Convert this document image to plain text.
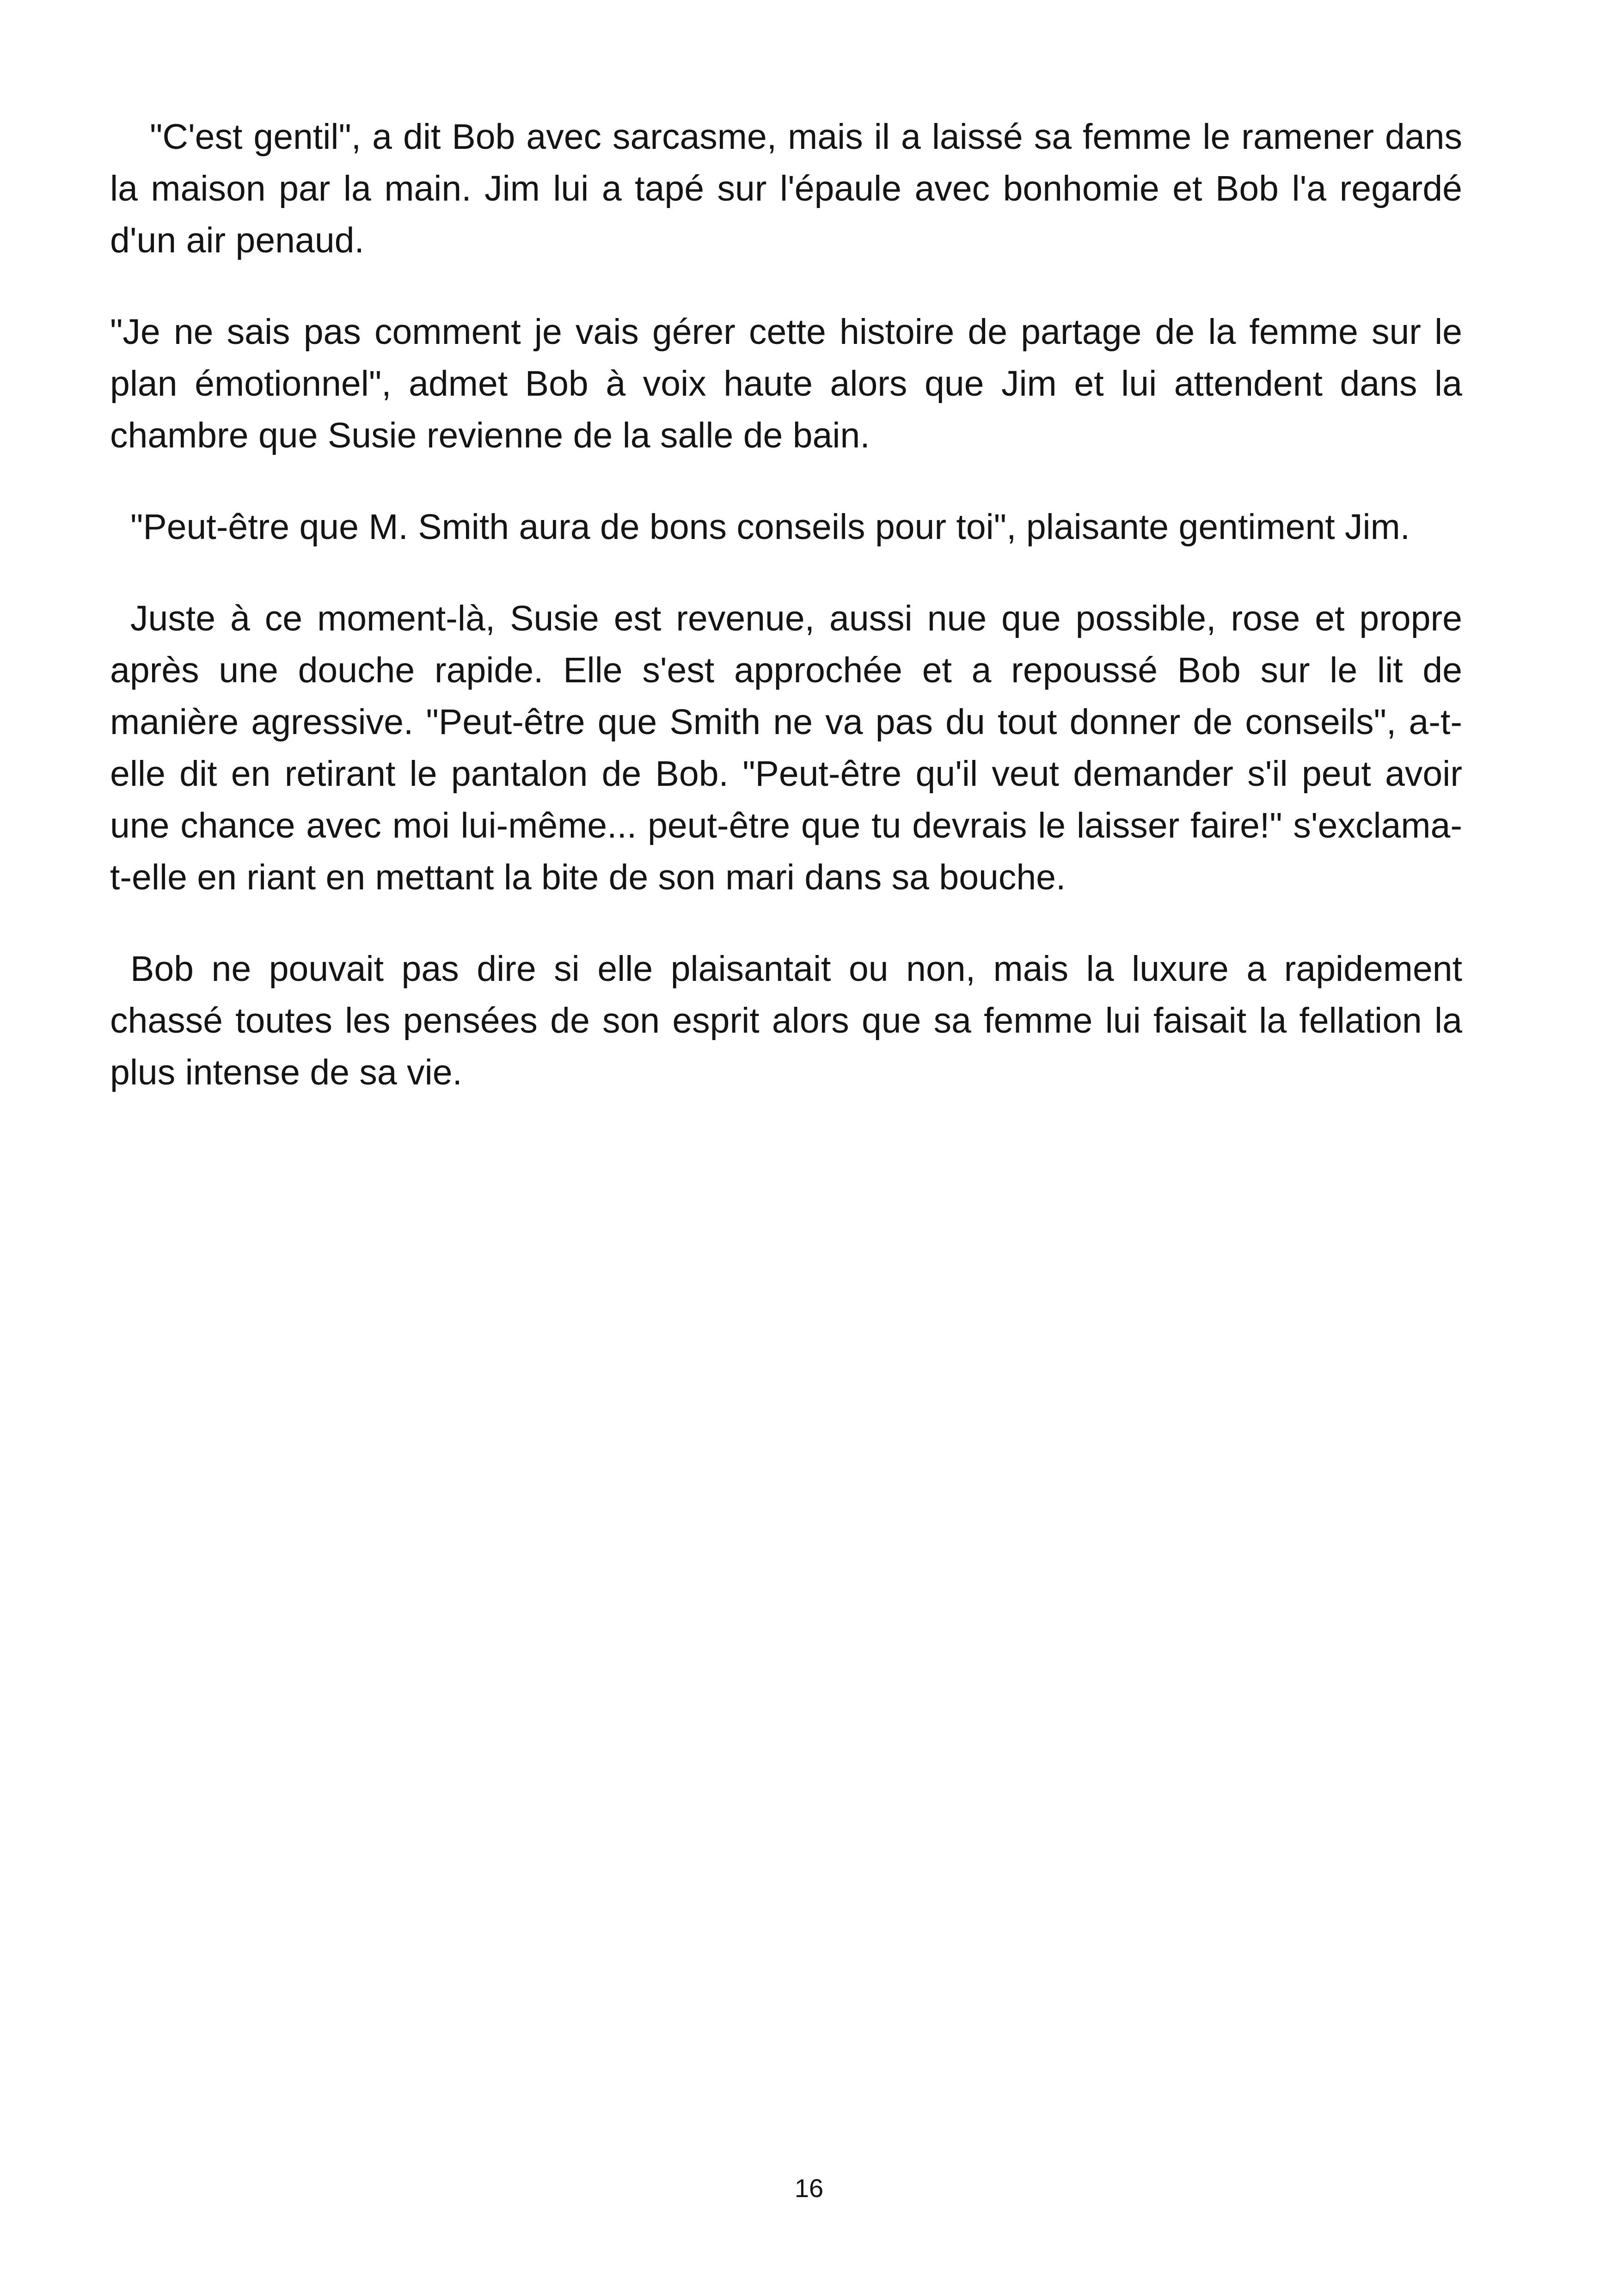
"C'est gentil", a dit Bob avec sarcasme, mais il a laissé sa femme le ramener dans la maison par la main. Jim lui a tapé sur l'épaule avec bonhomie et Bob l'a regardé d'un air penaud.

"Je ne sais pas comment je vais gérer cette histoire de partage de la femme sur le plan émotionnel", admet Bob à voix haute alors que Jim et lui attendent dans la chambre que Susie revienne de la salle de bain.

"Peut-être que M. Smith aura de bons conseils pour toi", plaisante gentiment Jim.

Juste à ce moment-là, Susie est revenue, aussi nue que possible, rose et propre après une douche rapide. Elle s'est approchée et a repoussé Bob sur le lit de manière agressive. "Peut-être que Smith ne va pas du tout donner de conseils", a-t-elle dit en retirant le pantalon de Bob. "Peut-être qu'il veut demander s'il peut avoir une chance avec moi lui-même... peut-être que tu devrais le laisser faire!" s'exclama-t-elle en riant en mettant la bite de son mari dans sa bouche.

Bob ne pouvait pas dire si elle plaisantait ou non, mais la luxure a rapidement chassé toutes les pensées de son esprit alors que sa femme lui faisait la fellation la plus intense de sa vie.

16
